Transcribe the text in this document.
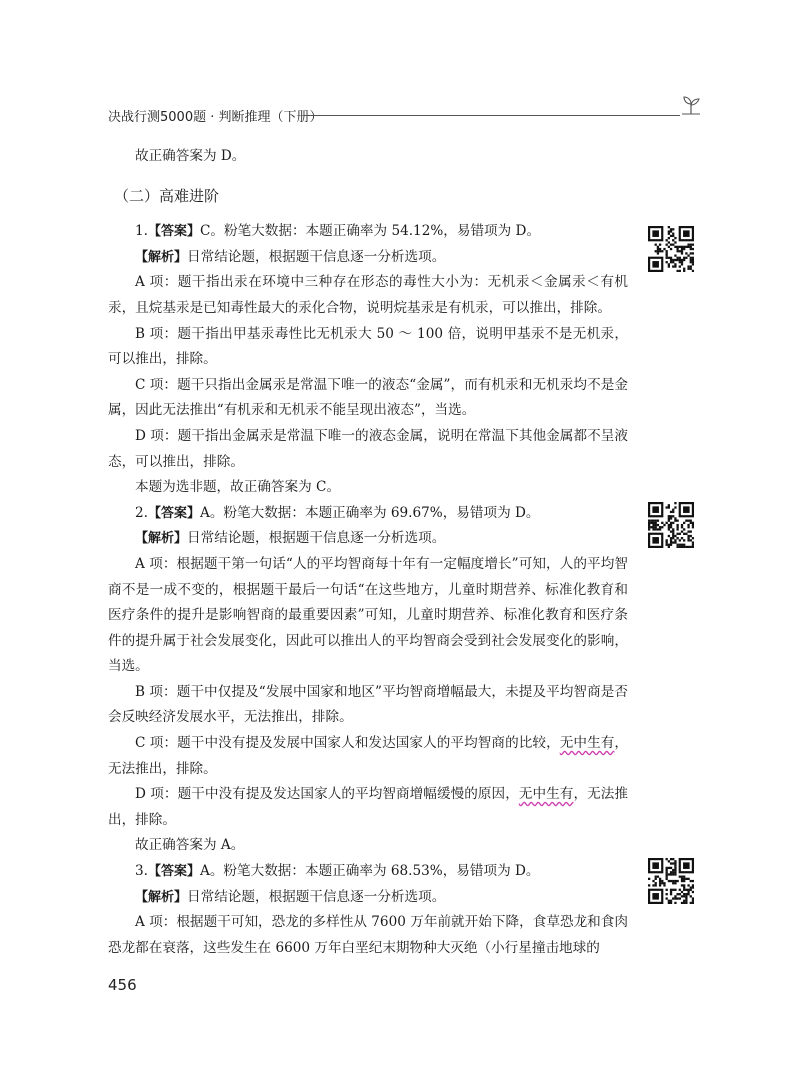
决战行测5000题 · 判断推理（下册）

故正确答案为 D。

（二）高难进阶

1.【答案】C。粉笔大数据：本题正确率为 54.12%，易错项为 D。

【解析】日常结论题，根据题干信息逐一分析选项。

A 项：题干指出汞在环境中三种存在形态的毒性大小为：无机汞＜金属汞＜有机汞，且烷基汞是已知毒性最大的汞化合物，说明烷基汞是有机汞，可以推出，排除。

B 项：题干指出甲基汞毒性比无机汞大 50 ～ 100 倍，说明甲基汞不是无机汞，可以推出，排除。

C 项：题干只指出金属汞是常温下唯一的液态“金属”，而有机汞和无机汞均不是金属，因此无法推出“有机汞和无机汞不能呈现出液态”，当选。

D 项：题干指出金属汞是常温下唯一的液态金属，说明在常温下其他金属都不呈液态，可以推出，排除。

本题为选非题，故正确答案为 C。

2.【答案】A。粉笔大数据：本题正确率为 69.67%，易错项为 D。

【解析】日常结论题，根据题干信息逐一分析选项。

A 项：根据题干第一句话“人的平均智商每十年有一定幅度增长”可知，人的平均智商不是一成不变的，根据题干最后一句话“在这些地方，儿童时期营养、标准化教育和医疗条件的提升是影响智商的最重要因素”可知，儿童时期营养、标准化教育和医疗条件的提升属于社会发展变化，因此可以推出人的平均智商会受到社会发展变化的影响，当选。

B 项：题干中仅提及“发展中国家和地区”平均智商增幅最大，未提及平均智商是否会反映经济发展水平，无法推出，排除。

C 项：题干中没有提及发展中国家人和发达国家人的平均智商的比较，无中生有，无法推出，排除。

D 项：题干中没有提及发达国家人的平均智商增幅缓慢的原因，无中生有，无法推出，排除。

故正确答案为 A。

3.【答案】A。粉笔大数据：本题正确率为 68.53%，易错项为 D。

【解析】日常结论题，根据题干信息逐一分析选项。

A 项：根据题干可知，恐龙的多样性从 7600 万年前就开始下降，食草恐龙和食肉恐龙都在衰落，这些发生在 6600 万年白垩纪末期物种大灭绝（小行星撞击地球的

456
